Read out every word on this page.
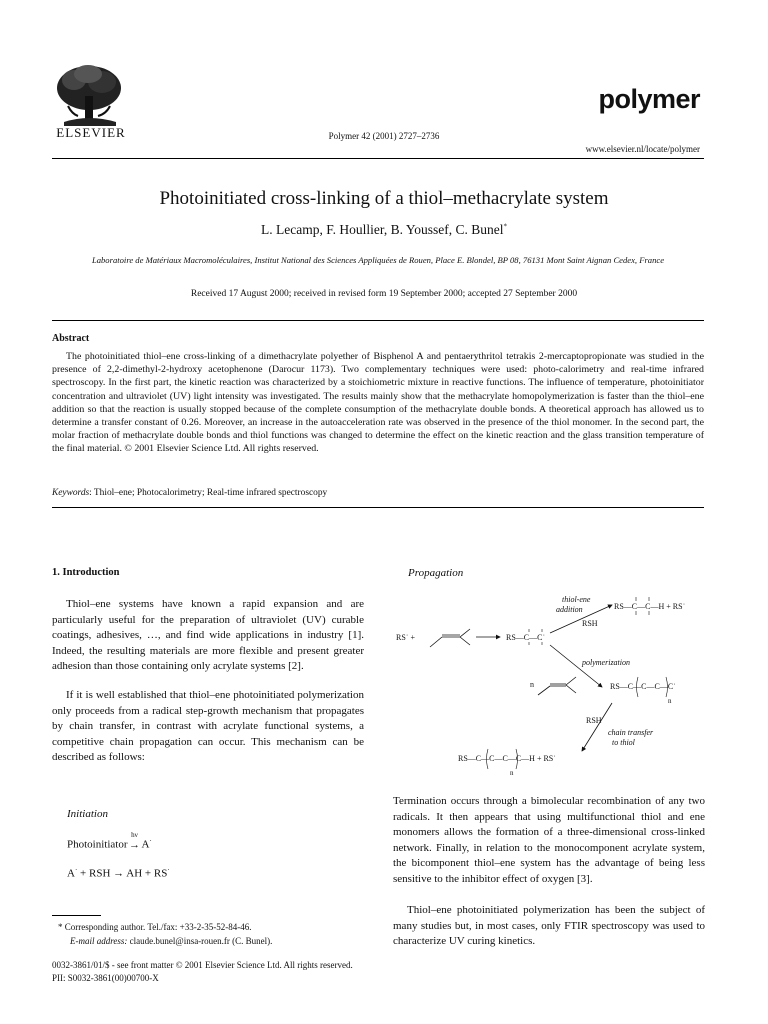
ELSEVIER	Polymer 42 (2001) 2727–2736
polymer
www.elsevier.nl/locate/polymer
Photoinitiated cross-linking of a thiol–methacrylate system
L. Lecamp, F. Houllier, B. Youssef, C. Bunel*
Laboratoire de Matériaux Macromoléculaires, Institut National des Sciences Appliquées de Rouen, Place E. Blondel, BP 08, 76131 Mont Saint Aignan Cedex, France
Received 17 August 2000; received in revised form 19 September 2000; accepted 27 September 2000
Abstract
The photoinitiated thiol–ene cross-linking of a dimethacrylate polyether of Bisphenol A and pentaerythritol tetrakis 2-mercaptopropionate was studied in the presence of 2,2-dimethyl-2-hydroxy acetophenone (Darocur 1173). Two complementary techniques were used: photo-calorimetry and real-time infrared spectroscopy. In the first part, the kinetic reaction was characterized by a stoichiometric mixture in reactive functions. The influence of temperature, photoinitiator concentration and ultraviolet (UV) light intensity was investigated. The results mainly show that the methacrylate homopolymerization is faster than the thiol–ene addition so that the reaction is usually stopped because of the complete consumption of the methacrylate double bonds. A theoretical approach has allowed us to determine a transfer constant of 0.26. Moreover, an increase in the autoacceleration rate was observed in the presence of the thiol monomer. In the second part, the molar fraction of methacrylate double bonds and thiol functions was changed to determine the effect on the kinetic reaction and the glass transition temperature of the final material. © 2001 Elsevier Science Ltd. All rights reserved.
Keywords: Thiol–ene; Photocalorimetry; Real-time infrared spectroscopy
1. Introduction
Thiol–ene systems have known a rapid expansion and are particularly useful for the preparation of ultraviolet (UV) curable coatings, adhesives, …, and find wide applications in industry [1]. Indeed, the resulting materials are more flexible and present greater adhesion than those containing only acrylate systems [2].
If it is well established that thiol–ene photoinitiated polymerization only proceeds from a radical step-growth mechanism that propagates by chain transfer, in contrast with acrylate functional systems, a competitive chain propagation can occur. This mechanism can be described as follows:
Initiation
Photoinitiator
hν
→ A·
A· + RSH → AH + RS·
* Corresponding author. Tel./fax: +33-2-35-52-84-46.
E-mail address: claude.bunel@insa-rouen.fr (C. Bunel).
0032-3861/01/$ - see front matter © 2001 Elsevier Science Ltd. All rights reserved.
PII: S0032-3861(00)00700-X
Propagation
RS˙ +	RS—C—C˙
thiol-ene addition
RSH
RS—C—C—H + RS˙
polymerization
n	RS—C—C—C—C˙
n
RSH
chain transfer to thiol
RS—C—C—C—C—H + RS˙
n
Termination occurs through a bimolecular recombination of any two radicals. It then appears that using multifunctional thiol and ene monomers allows the formation of a three-dimensional cross-linked network. Finally, in relation to the monocomponent acrylate system, the bicomponent thiol–ene system has the advantage of being less sensitive to the inhibitor effect of oxygen [3].
Thiol–ene photoinitiated polymerization has been the subject of many studies but, in most cases, only FTIR spectroscopy was used to characterize UV curing kinetics.
